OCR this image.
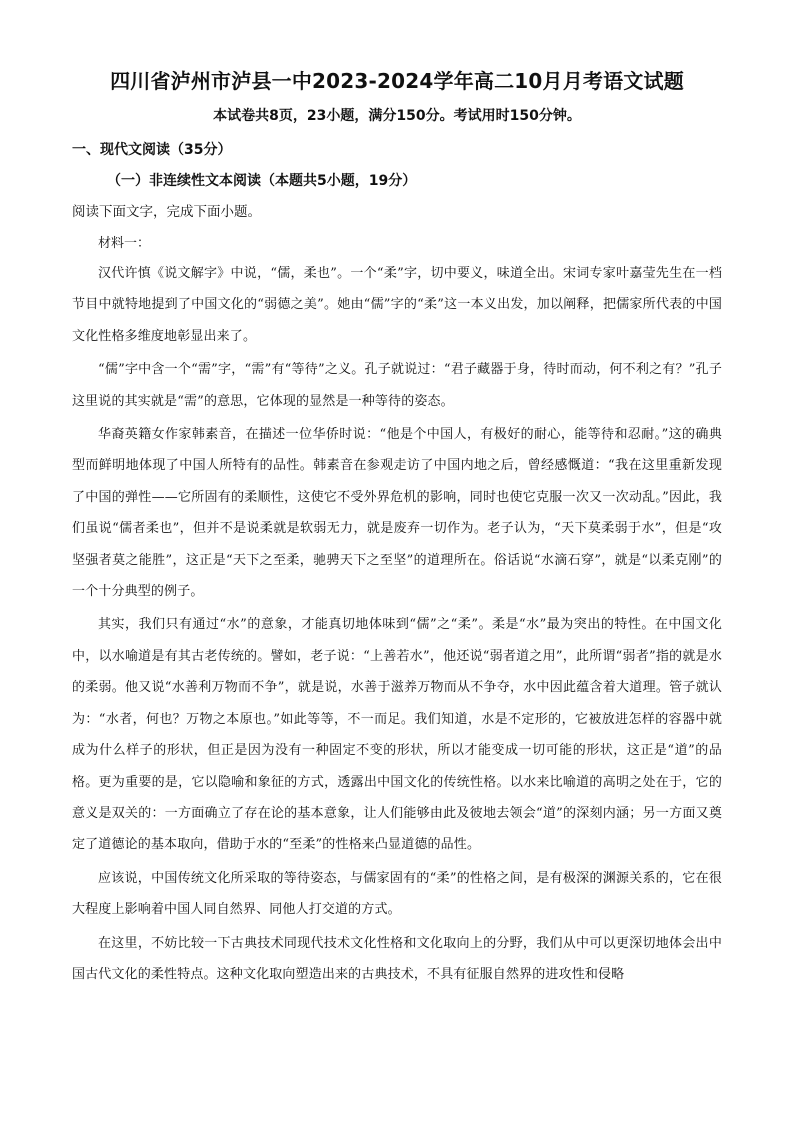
四川省泸州市泸县一中2023-2024学年高二10月月考语文试题
本试卷共8页，23小题，满分150分。考试用时150分钟。
一、现代文阅读（35分）
（一）非连续性文本阅读（本题共5小题，19分）
阅读下面文字，完成下面小题。
材料一：

汉代许慎《说文解字》中说，“儒，柔也”。一个“柔”字，切中要义，味道全出。宋词专家叶嘉莹先生在一档节目中就特地提到了中国文化的“弱德之美”。她由“儒”字的“柔”这一本义出发，加以阐释，把儒家所代表的中国文化性格多维度地彰显出来了。

“儒”字中含一个“需”字，“需”有“等待”之义。孔子就说过：“君子藏器于身，待时而动，何不利之有？”孔子这里说的其实就是“需”的意思，它体现的显然是一种等待的姿态。

华裔英籍女作家韩素音，在描述一位华侨时说：“他是个中国人，有极好的耐心，能等待和忍耐。”这的确典型而鲜明地体现了中国人所特有的品性。韩素音在参观走访了中国内地之后，曾经感慨道：“我在这里重新发现了中国的弹性——它所固有的柔顺性，这使它不受外界危机的影响，同时也使它克服一次又一次动乱。”因此，我们虽说“儒者柔也”，但并不是说柔就是软弱无力，就是废弃一切作为。老子认为，“天下莫柔弱于水”，但是“攻坚强者莫之能胜”，这正是“天下之至柔，驰骋天下之至坚”的道理所在。俗话说“水滴石穿”，就是“以柔克刚”的一个十分典型的例子。

其实，我们只有通过“水”的意象，才能真切地体味到“儒”之“柔”。柔是“水”最为突出的特性。在中国文化中，以水喻道是有其古老传统的。譬如，老子说：“上善若水”，他还说“弱者道之用”，此所谓“弱者”指的就是水的柔弱。他又说“水善利万物而不争”，就是说，水善于滋养万物而从不争夺，水中因此蕴含着大道理。管子就认为：“水者，何也？万物之本原也。”如此等等，不一而足。我们知道，水是不定形的，它被放进怎样的容器中就成为什么样子的形状，但正是因为没有一种固定不变的形状，所以才能变成一切可能的形状，这正是“道”的品格。更为重要的是，它以隐喻和象征的方式，透露出中国文化的传统性格。以水来比喻道的高明之处在于，它的意义是双关的：一方面确立了存在论的基本意象，让人们能够由此及彼地去领会“道”的深刻内涵；另一方面又奠定了道德论的基本取向，借助于水的“至柔”的性格来凸显道德的品性。

应该说，中国传统文化所采取的等待姿态，与儒家固有的“柔”的性格之间，是有极深的渊源关系的，它在很大程度上影响着中国人同自然界、同他人打交道的方式。

在这里，不妨比较一下古典技术同现代技术文化性格和文化取向上的分野，我们从中可以更深切地体会出中国古代文化的柔性特点。这种文化取向塑造出来的古典技术，不具有征服自然界的进攻性和侵略
